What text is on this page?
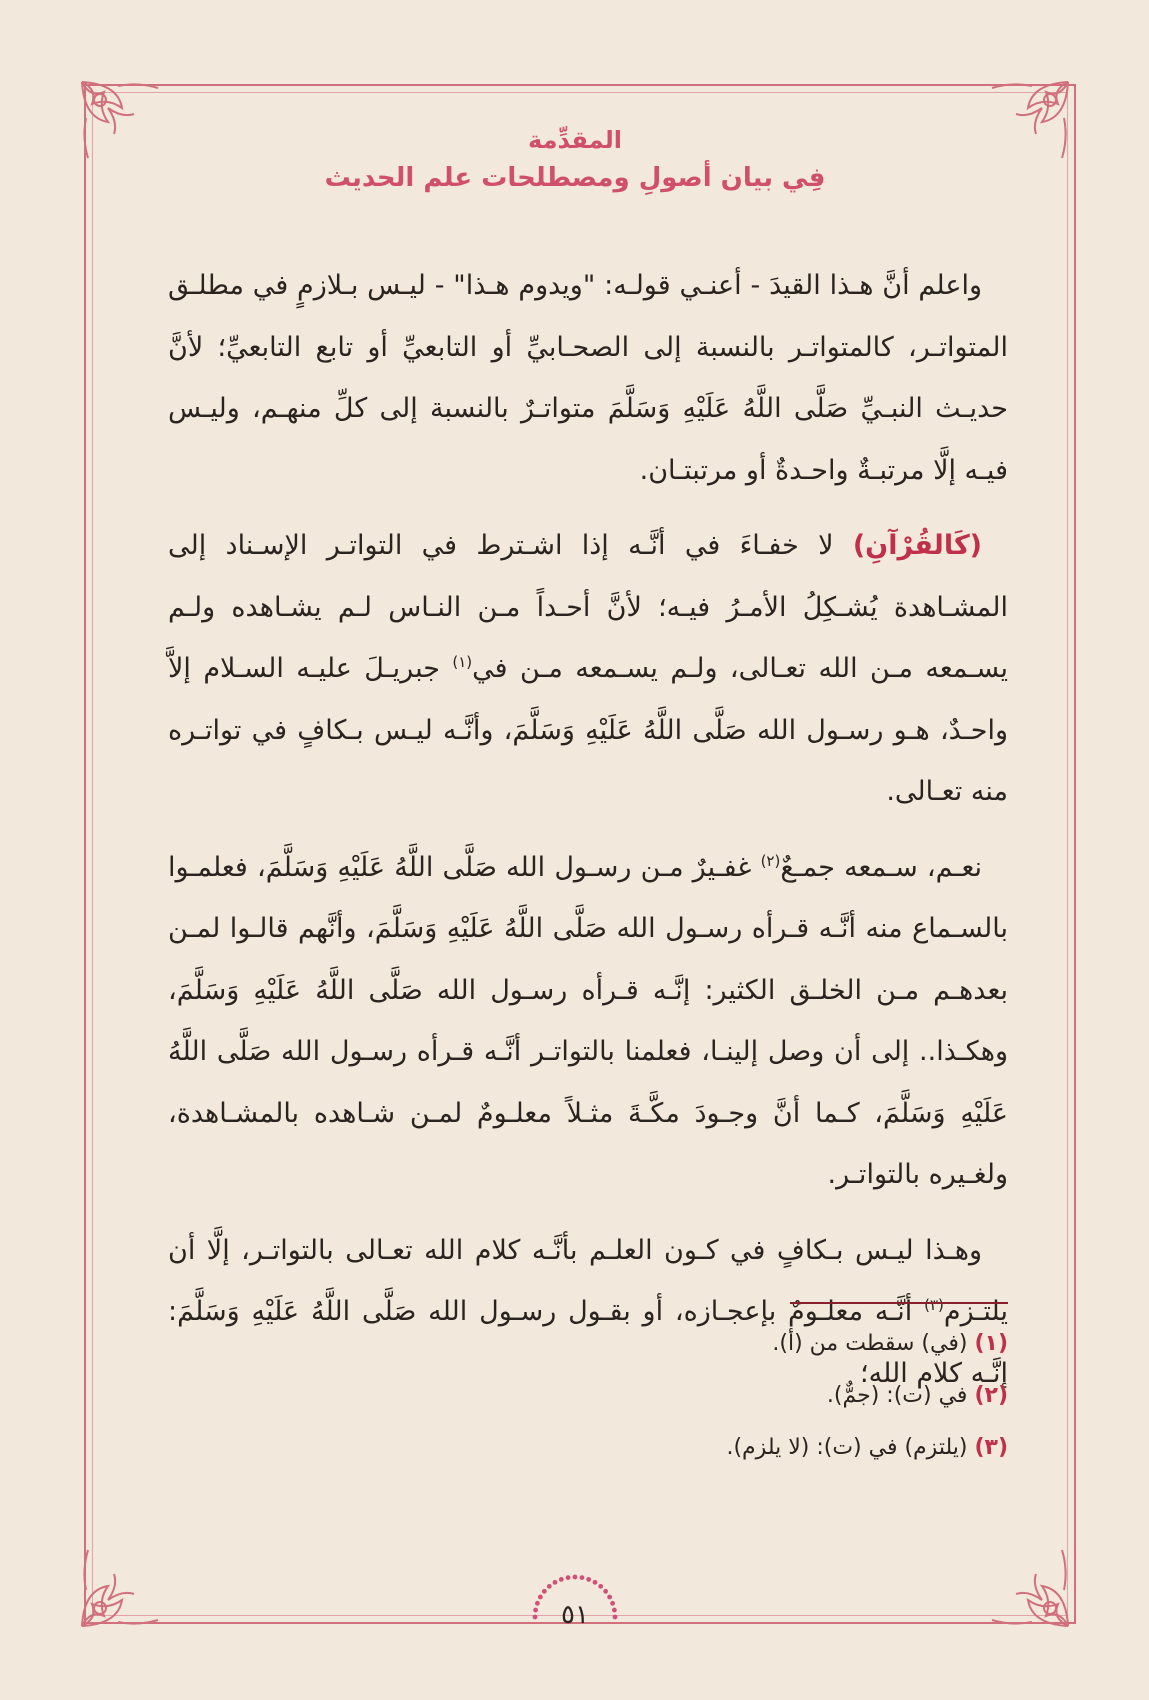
المقدِّمة
فِي بيان أصولِ ومصطلحات علم الحديث

واعلم أنَّ هـذا القيدَ - أعنـي قولـه: "ويدوم هـذا" - ليـس بـلازمٍ في مطلـق المتواتـر، كالمتواتـر بالنسبة إلى الصحـابيِّ أو التابعيِّ أو تابع التابعيِّ؛ لأنَّ حديـث النبـيِّ صَلَّى اللَّهُ عَلَيْهِ وَسَلَّمَ متواتـرٌ بالنسبة إلى كلِّ منهـم، وليـس فيـه إلَّا مرتبـةٌ واحـدةٌ أو مرتبتـان.

(كَالقُرْآنِ) لا خفـاءَ في أنَّـه إذا اشـترط في التواتـر الإسـناد إلى المشـاهدة يُشـكِلُ الأمـرُ فيـه؛ لأنَّ أحـداً مـن النـاس لـم يشـاهده ولـم يسـمعه مـن الله تعـالى، ولـم يسـمعه مـن في$^{(١)}$ جبريـلَ عليـه السـلام إلاَّ واحـدٌ، هـو رسـول الله صَلَّى اللَّهُ عَلَيْهِ وَسَلَّمَ، وأنَّـه ليـس بـكافٍ في تواتـره منه تعـالى.

نعـم، سـمعه جمـعٌ$^{(٢)}$ غفـيرٌ مـن رسـول الله صَلَّى اللَّهُ عَلَيْهِ وَسَلَّمَ، فعلمـوا بالسـماع منه أنَّـه قـرأه رسـول الله صَلَّى اللَّهُ عَلَيْهِ وَسَلَّمَ، وأنَّهم قالـوا لمـن بعدهـم مـن الخلـق الكثير: إنَّـه قـرأه رسـول الله صَلَّى اللَّهُ عَلَيْهِ وَسَلَّمَ، وهكـذا.. إلى أن وصل إلينـا، فعلمنا بالتواتـر أنَّـه قـرأه رسـول الله صَلَّى اللَّهُ عَلَيْهِ وَسَلَّمَ، كـما أنَّ وجـودَ مكَّـةَ مثـلاً معلـومٌ لمـن شـاهده بالمشـاهدة، ولغـيره بالتواتـر.

وهـذا ليـس بـكافٍ في كـون العلـم بأنَّـه كلام الله تعـالى بالتواتـر، إلَّا أن يلتـزم$^{(٣)}$ أنَّـه معلـومٌ بإعجـازه، أو بقـول رسـول الله صَلَّى اللَّهُ عَلَيْهِ وَسَلَّمَ: إنَّـه كلام الله؛

(١) (في) سقطت من (أ).
(٢) في (ت): (جمٌّ).
(٣) (يلتزم) في (ت): (لا يلزم).
٥١
